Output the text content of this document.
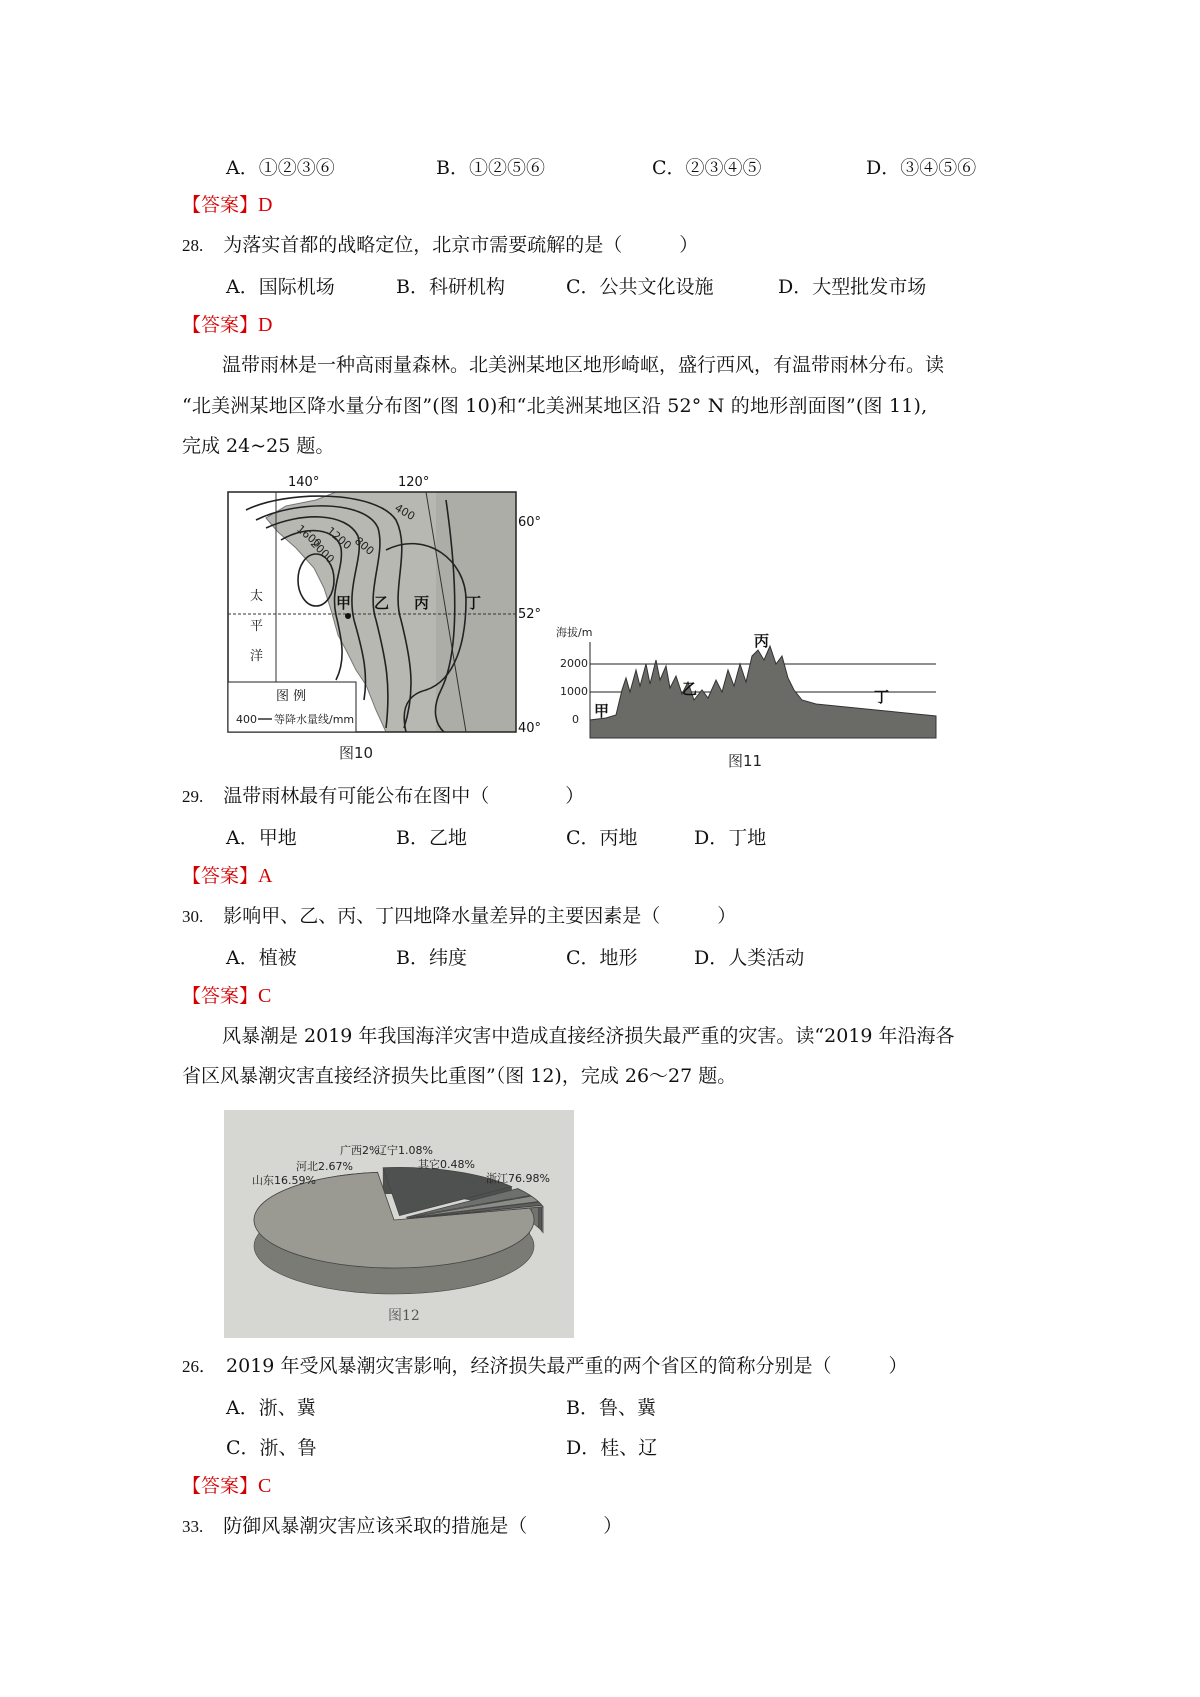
A．①②③⑥	B．①②⑤⑥	C．②③④⑤	D．③④⑤⑥
【答案】D
28. 为落实首都的战略定位，北京市需要疏解的是（　　　）
A．国际机场	B．科研机构	C．公共文化设施	D．大型批发市场
【答案】D
温带雨林是一种高雨量森林。北美洲某地区地形崎岖，盛行西风，有温带雨林分布。读
“北美洲某地区降水量分布图”(图 10)和“北美洲某地区沿 52° N 的地形剖面图”(图 11),
完成 24~25 题。
140°	120°
60°
52°
40°
400
800
1200
1600
2000
太
平
洋
甲 乙 丙 丁
图 例
400 等降水量线/mm
图10
海拔/m
2000
1000
0 甲
乙
丙
丁
图11
29. 温带雨林最有可能公布在图中（　　　　）
A．甲地	B．乙地	C．丙地	D．丁地
【答案】A
30. 影响甲、乙、丙、丁四地降水量差异的主要因素是（　　　）
A．植被	B．纬度	C．地形	D．人类活动
【答案】C
风暴潮是 2019 年我国海洋灾害中造成直接经济损失最严重的灾害。读“2019 年沿海各
省区风暴潮灾害直接经济损失比重图”（图 12)，完成 26～27 题。
山东16.59%
河北2.67%
广西2%
辽宁1.08%
其它0.48%
浙江76.98%
图12
26． 2019 年受风暴潮灾害影响，经济损失最严重的两个省区的简称分别是（　　　）
A．浙、冀	B．鲁、冀
C．浙、鲁	D．桂、辽
【答案】C
33. 防御风暴潮灾害应该采取的措施是（　　　　）
